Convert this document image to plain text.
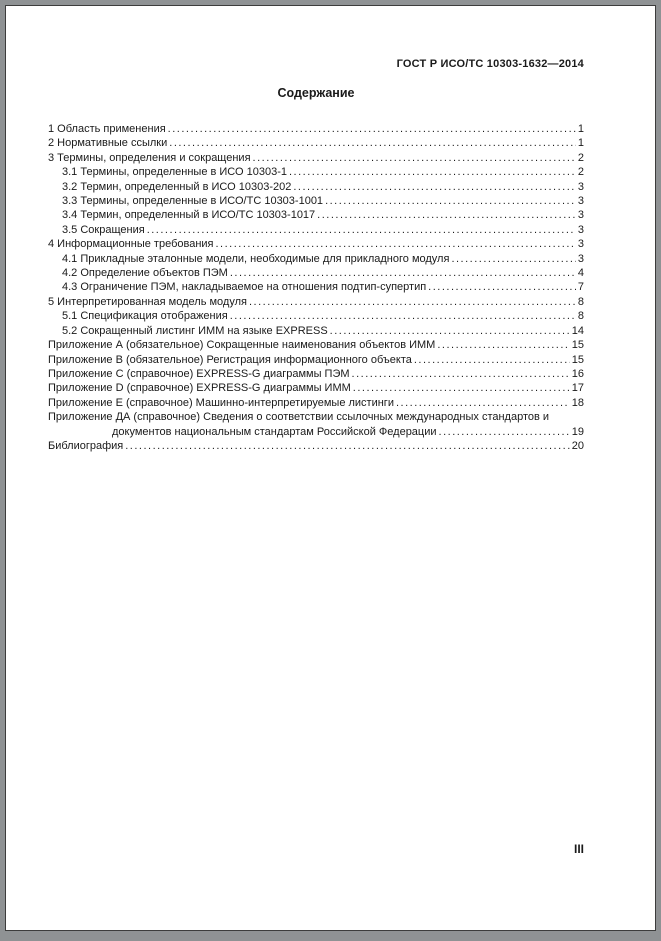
ГОСТ Р ИСО/ТС 10303-1632—2014
Содержание
1 Область применения .....	1
2 Нормативные ссылки .....	1
3 Термины, определения и сокращения .....	2
3.1 Термины, определенные в ИСО 10303-1 .....	2
3.2 Термин, определенный в ИСО 10303-202 .....	3
3.3 Термины, определенные в ИСО/ТС 10303-1001 .....	3
3.4 Термин, определенный в ИСО/ТС 10303-1017 .....	3
3.5 Сокращения .....	3
4 Информационные требования .....	3
4.1 Прикладные эталонные модели, необходимые для прикладного модуля .....	3
4.2 Определение объектов ПЭМ .....	4
4.3 Ограничение ПЭМ, накладываемое на отношения подтип-супертип .....	7
5 Интерпретированная модель модуля .....	8
5.1 Спецификация отображения .....	8
5.2 Сокращенный листинг ИММ на языке EXPRESS .....	14
Приложение А (обязательное) Сокращенные наименования объектов ИММ .....	15
Приложение В (обязательное) Регистрация информационного объекта .....	15
Приложение С (справочное) EXPRESS-G диаграммы ПЭМ .....	16
Приложение D (справочное) EXPRESS-G диаграммы ИММ .....	17
Приложение Е (справочное) Машинно-интерпретируемые листинги .....	18
Приложение ДА (справочное) Сведения о соответствии ссылочных международных стандартов и
документов национальным стандартам Российской Федерации .....	19
Библиография .....	20
III
